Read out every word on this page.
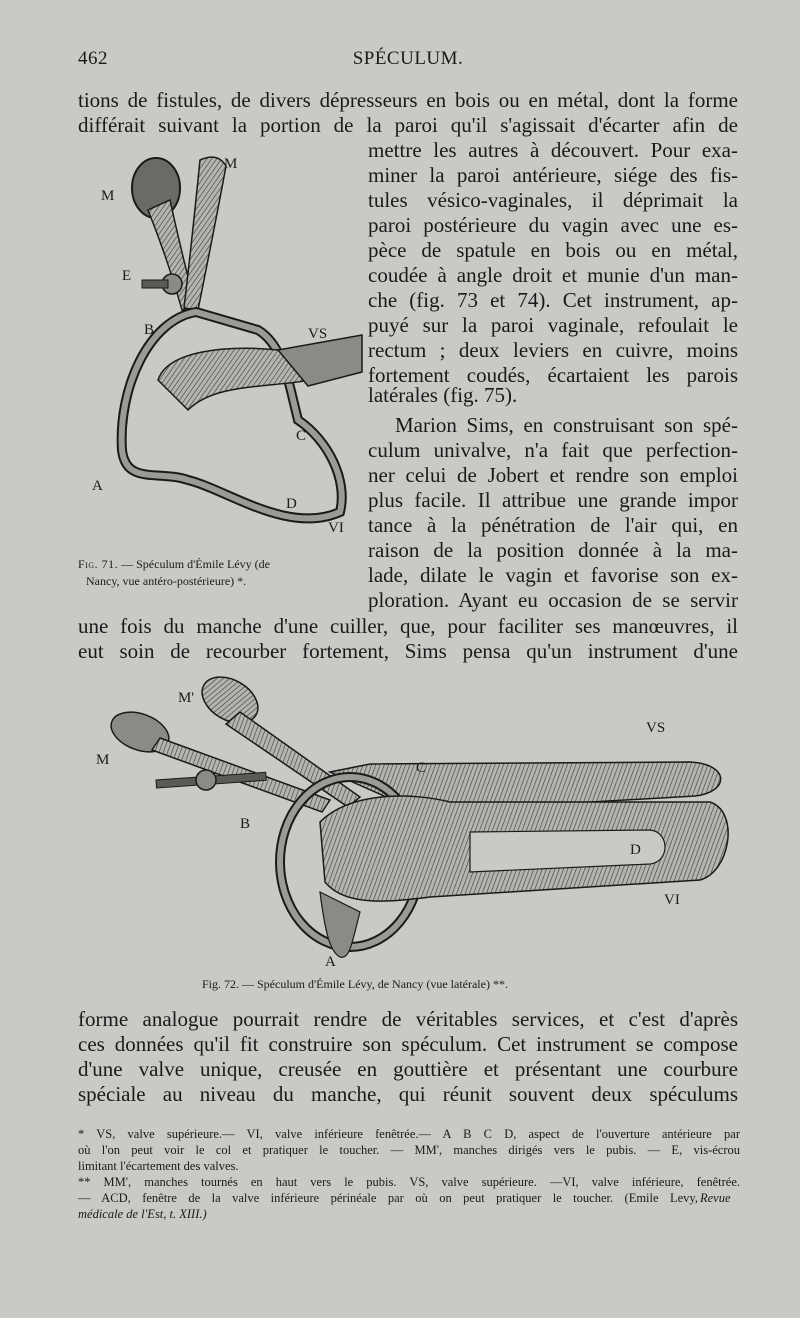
462	SPÉCULUM.
tions de fistules, de divers dépresseurs en bois ou en métal, dont la forme
différait suivant la portion de la paroi qu'il s'agissait d'écarter afin de
mettre les autres à découvert. Pour exa-
miner la paroi antérieure, siége des fis-
tules vésico-vaginales, il déprimait la
paroi postérieure du vagin avec une es-
pèce de spatule en bois ou en métal,
coudée à angle droit et munie d'un man-
che (fig. 73 et 74). Cet instrument, ap-
puyé sur la paroi vaginale, refoulait le
rectum ; deux leviers en cuivre, moins
fortement coudés, écartaient les parois
latérales (fig. 75).
Marion Sims, en construisant son spé-
culum univalve, n'a fait que perfection-
ner celui de Jobert et rendre son emploi
plus facile. Il attribue une grande impor
tance à la pénétration de l'air qui, en
raison de la position donnée à la ma-
lade, dilate le vagin et favorise son ex-
ploration. Ayant eu occasion de se servir
une fois du manche d'une cuiller, que, pour faciliter ses manœuvres, il
eut soin de recourber fortement, Sims pensa qu'un instrument d'une
M
M
E
B	VS
C
A
D
VI
Fig. 71. — Spéculum d'Émile Lévy (de
Nancy, vue antéro-postérieure) *.
M'
M	C
B
VS
D
VI
A
Fig. 72. — Spéculum d'Émile Lévy, de Nancy (vue latérale) **.
forme analogue pourrait rendre de véritables services, et c'est d'après
ces données qu'il fit construire son spéculum. Cet instrument se compose
d'une valve unique, creusée en gouttière et présentant une courbure
spéciale au niveau du manche, qui réunit souvent deux spéculums
* VS, valve supérieure.— VI, valve inférieure fenêtrée.— A B C D, aspect de l'ouverture antérieure par
où l'on peut voir le col et pratiquer le toucher. — MM', manches dirigés vers le pubis. — E, vis-écrou
limitant l'écartement des valves.
** MM', manches tournés en haut vers le pubis. VS, valve supérieure. —VI, valve inférieure, fenêtrée.
— ACD, fenêtre de la valve inférieure périnéale par où on peut pratiquer le toucher. (Emile Levy, Revue
médicale de l'Est, t. XIII.)
